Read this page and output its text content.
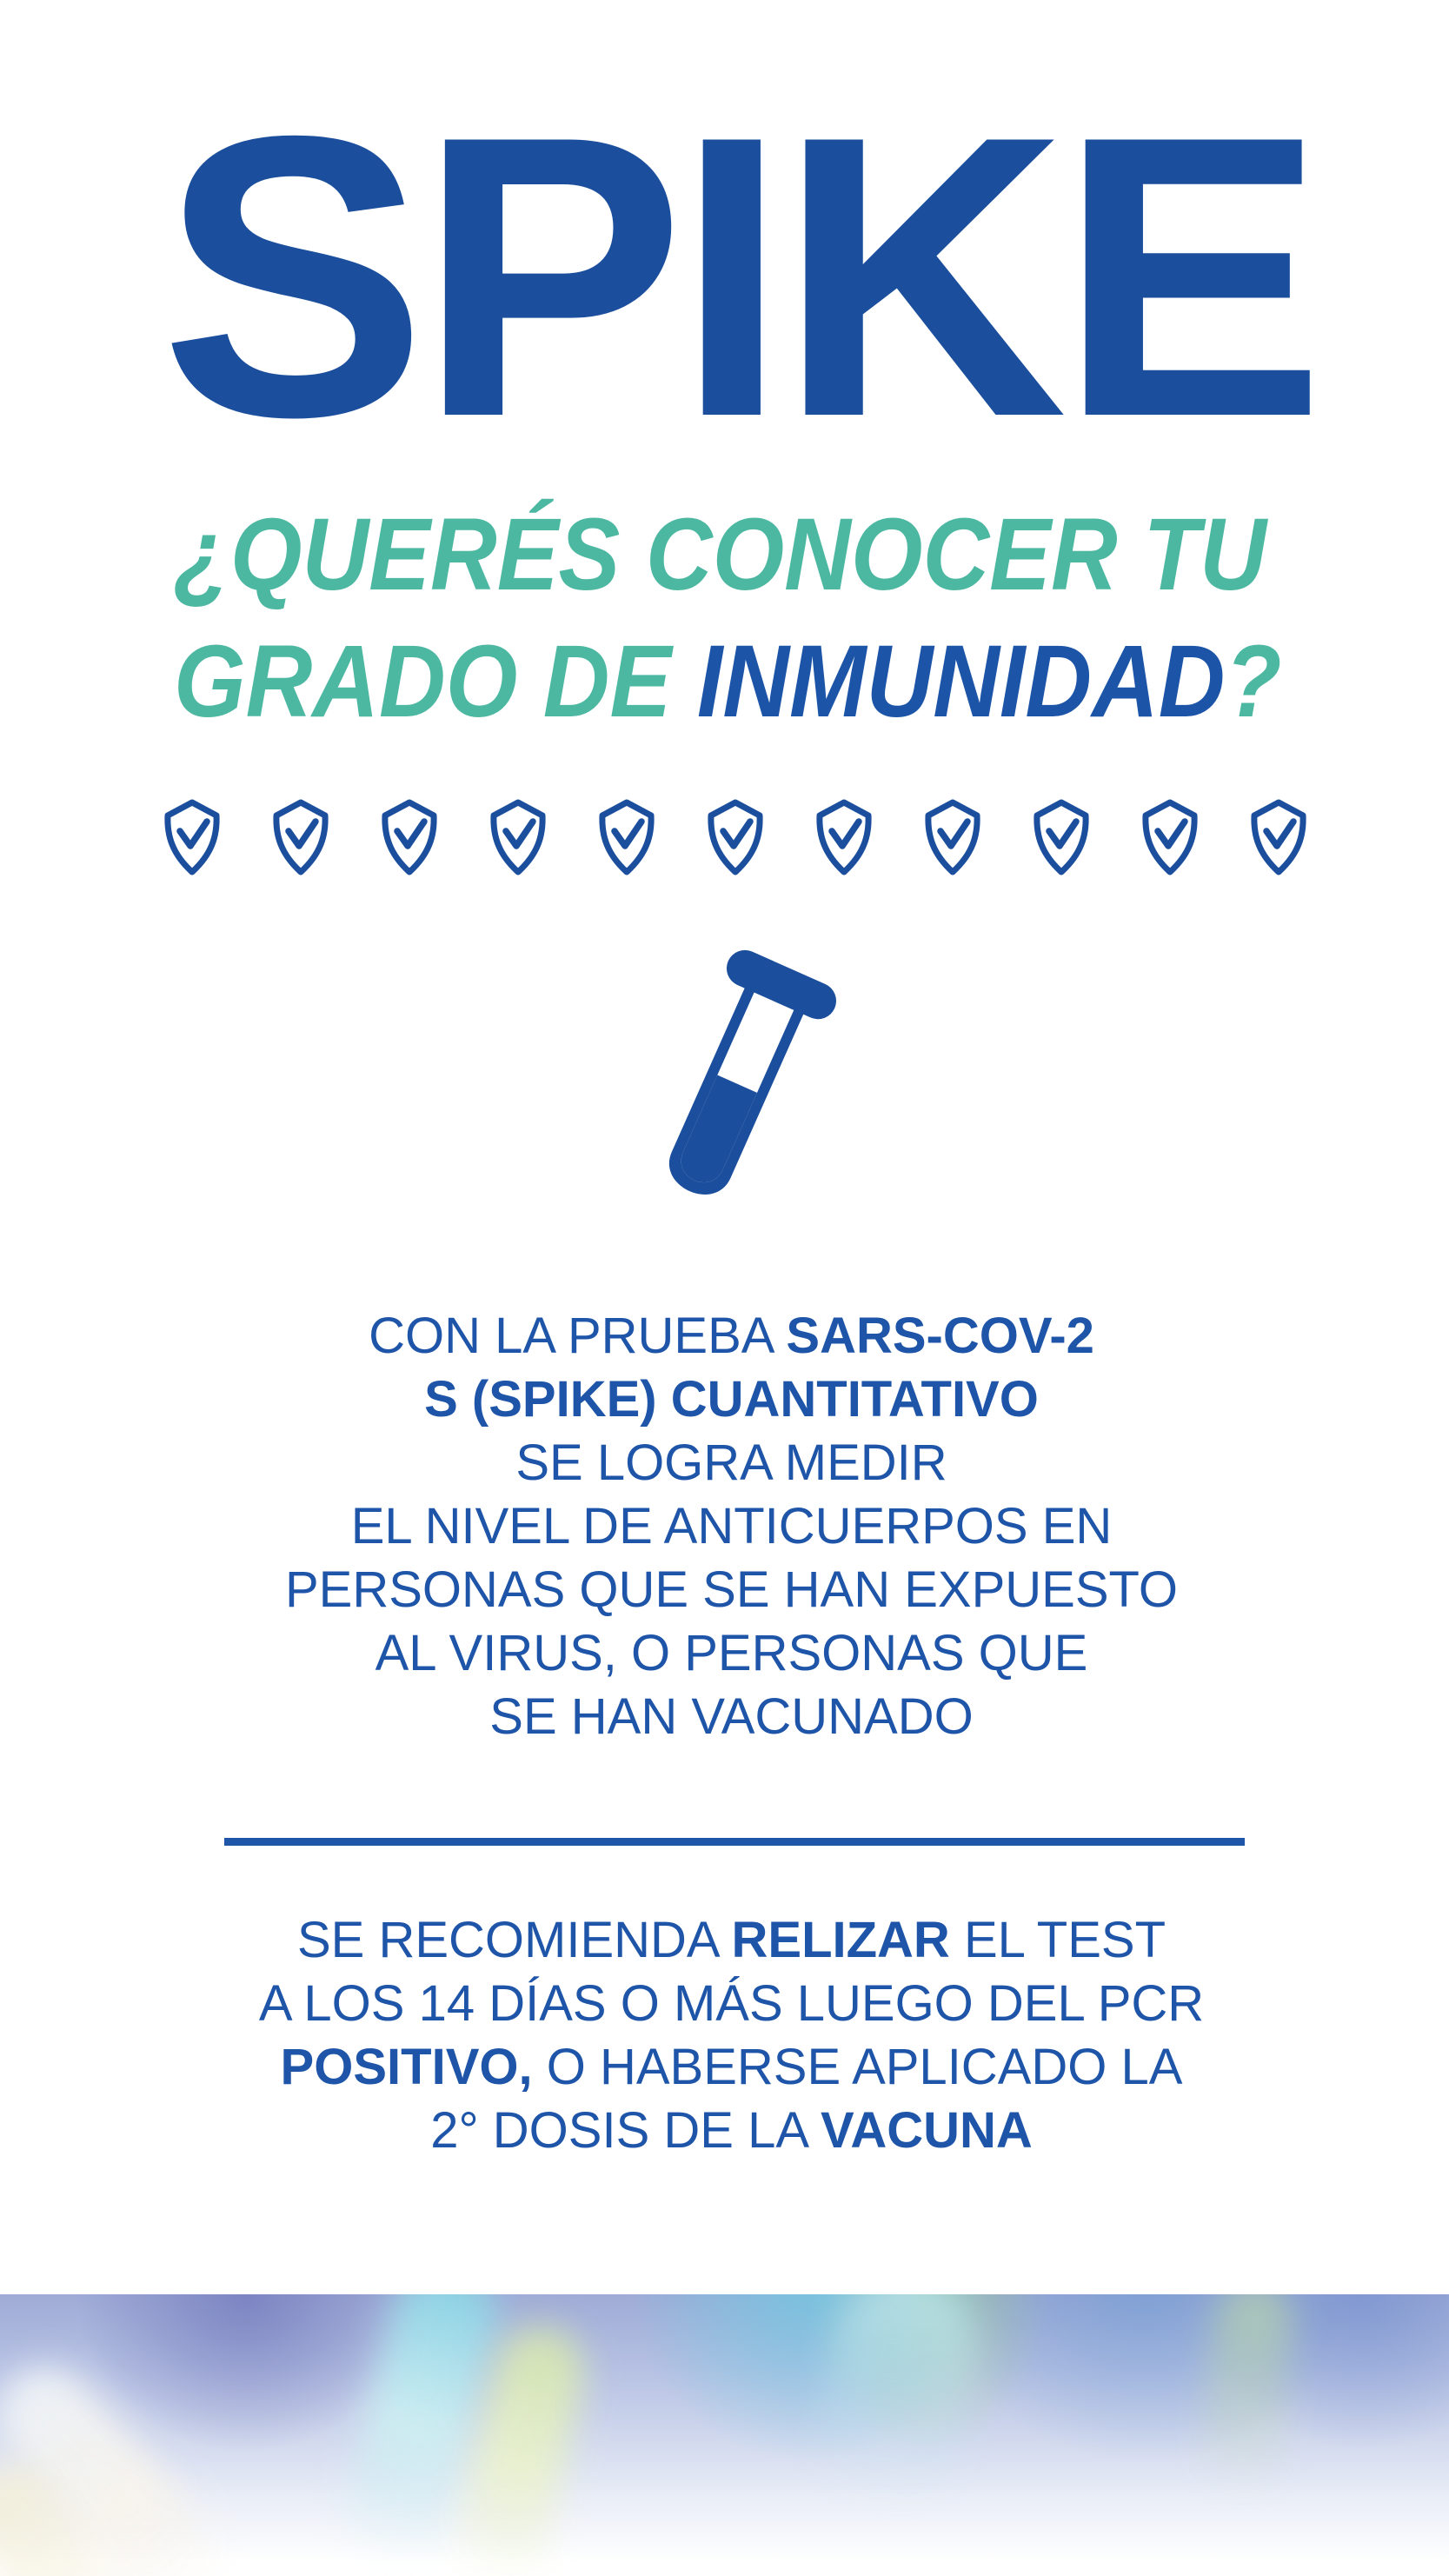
SPIKE
¿QUERÉS CONOCER TU
GRADO DE INMUNIDAD?
CON LA PRUEBA SARS-COV-2
S (SPIKE) CUANTITATIVO
SE LOGRA MEDIR
EL NIVEL DE ANTICUERPOS EN
PERSONAS QUE SE HAN EXPUESTO
AL VIRUS, O PERSONAS QUE
SE HAN VACUNADO
SE RECOMIENDA RELIZAR EL TEST
A LOS 14 DÍAS O MÁS LUEGO DEL PCR
POSITIVO, O HABERSE APLICADO LA
2° DOSIS DE LA VACUNA
